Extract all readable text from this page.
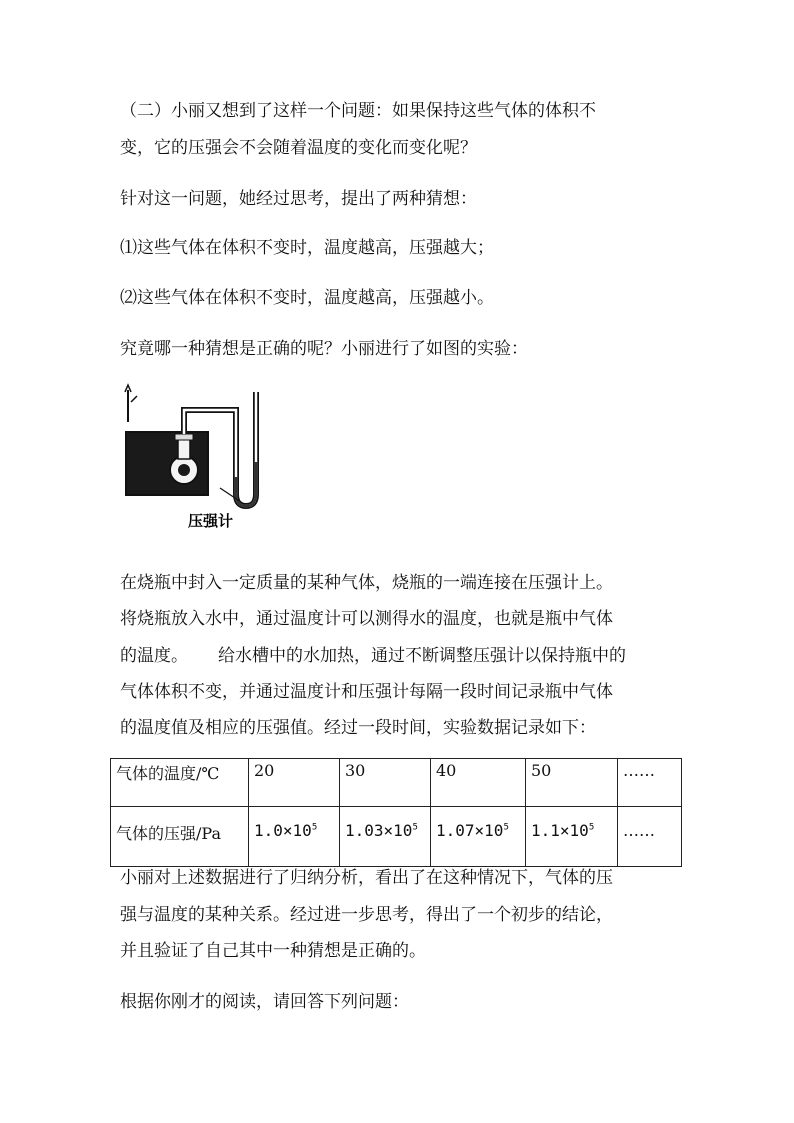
（二）小丽又想到了这样一个问题：如果保持这些气体的体积不
变，它的压强会不会随着温度的变化而变化呢？
针对这一问题，她经过思考，提出了两种猜想：
⑴这些气体在体积不变时，温度越高，压强越大；
⑵这些气体在体积不变时，温度越高，压强越小。
究竟哪一种猜想是正确的呢？小丽进行了如图的实验：
压强计
在烧瓶中封入一定质量的某种气体，烧瓶的一端连接在压强计上。
将烧瓶放入水中，通过温度计可以测得水的温度，也就是瓶中气体
的温度。 给水槽中的水加热，通过不断调整压强计以保持瓶中的
气体体积不变，并通过温度计和压强计每隔一段时间记录瓶中气体
的温度值及相应的压强值。经过一段时间，实验数据记录如下：
气体的温度/℃	20	30	40	50	……
气体的压强/Pa	$1.0\times 10^5$	$1.03\times 10^5$	$1.07\times 10^5$	$1.1\times 10^5$	……
小丽对上述数据进行了归纳分析，看出了在这种情况下，气体的压
强与温度的某种关系。经过进一步思考，得出了一个初步的结论，
并且验证了自己其中一种猜想是正确的。
根据你刚才的阅读，请回答下列问题：
